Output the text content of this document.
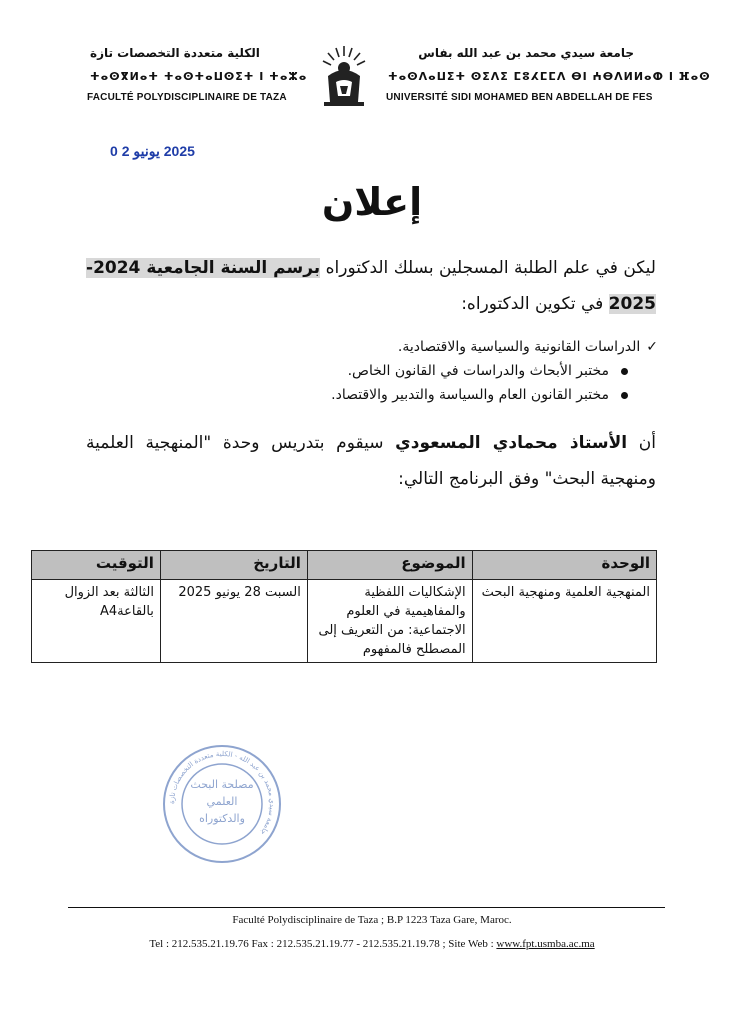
جامعة سيدي محمد بن عبد الله بفاس
ⵜⴰⵙⴷⴰⵡⵉⵜ ⵙⵉⴷⵉ ⵎⵓⵃⵎⵎⴷ ⴱⵏ ⵄⴱⴷⵍⵍⴰⵀ ⵏ ⴼⴰⵙ
UNIVERSITÉ SIDI MOHAMED BEN ABDELLAH DE FES
الكلية متعددة التخصصات تازة
ⵜⴰⵙⴳⵍⴰⵜ ⵜⴰⵙⵜⴰⵡⵙⵉⵜ ⵏ ⵜⴰⵣⴰ
FACULTÉ POLYDISCIPLINAIRE DE TAZA
2025 يونيو 2 0
إعلان
ليكن في علم الطلبة المسجلين بسلك الدكتوراه برسم السنة الجامعية 2024-2025 في تكوين الدكتوراه:
✓الدراسات القانونية والسياسية والاقتصادية.
مختبر الأبحاث والدراسات في القانون الخاص.
مختبر القانون العام والسياسة والتدبير والاقتصاد.
أن الأستاذ محمادي المسعودي سيقوم بتدريس وحدة "المنهجية العلمية ومنهجية البحث" وفق البرنامج التالي:
الوحدة	الموضوع	التاريخ	التوقيت
المنهجية العلمية ومنهجية البحث	الإشكاليات اللفظية والمفاهيمية في العلوم الاجتماعية: من التعريف إلى المصطلح فالمفهوم	السبت 28 يونيو 2025	الثالثة بعد الزوال بالقاعةA4
جامعة سيدي محمد بن عبد الله - الكلية متعددة التخصصات تازة
مصلحة البحث العلمي والدكتوراه
Faculté Polydisciplinaire de Taza ; B.P 1223 Taza Gare, Maroc.
Tel : 212.535.21.19.76 Fax : 212.535.21.19.77 - 212.535.21.19.78 ; Site Web : www.fpt.usmba.ac.ma
